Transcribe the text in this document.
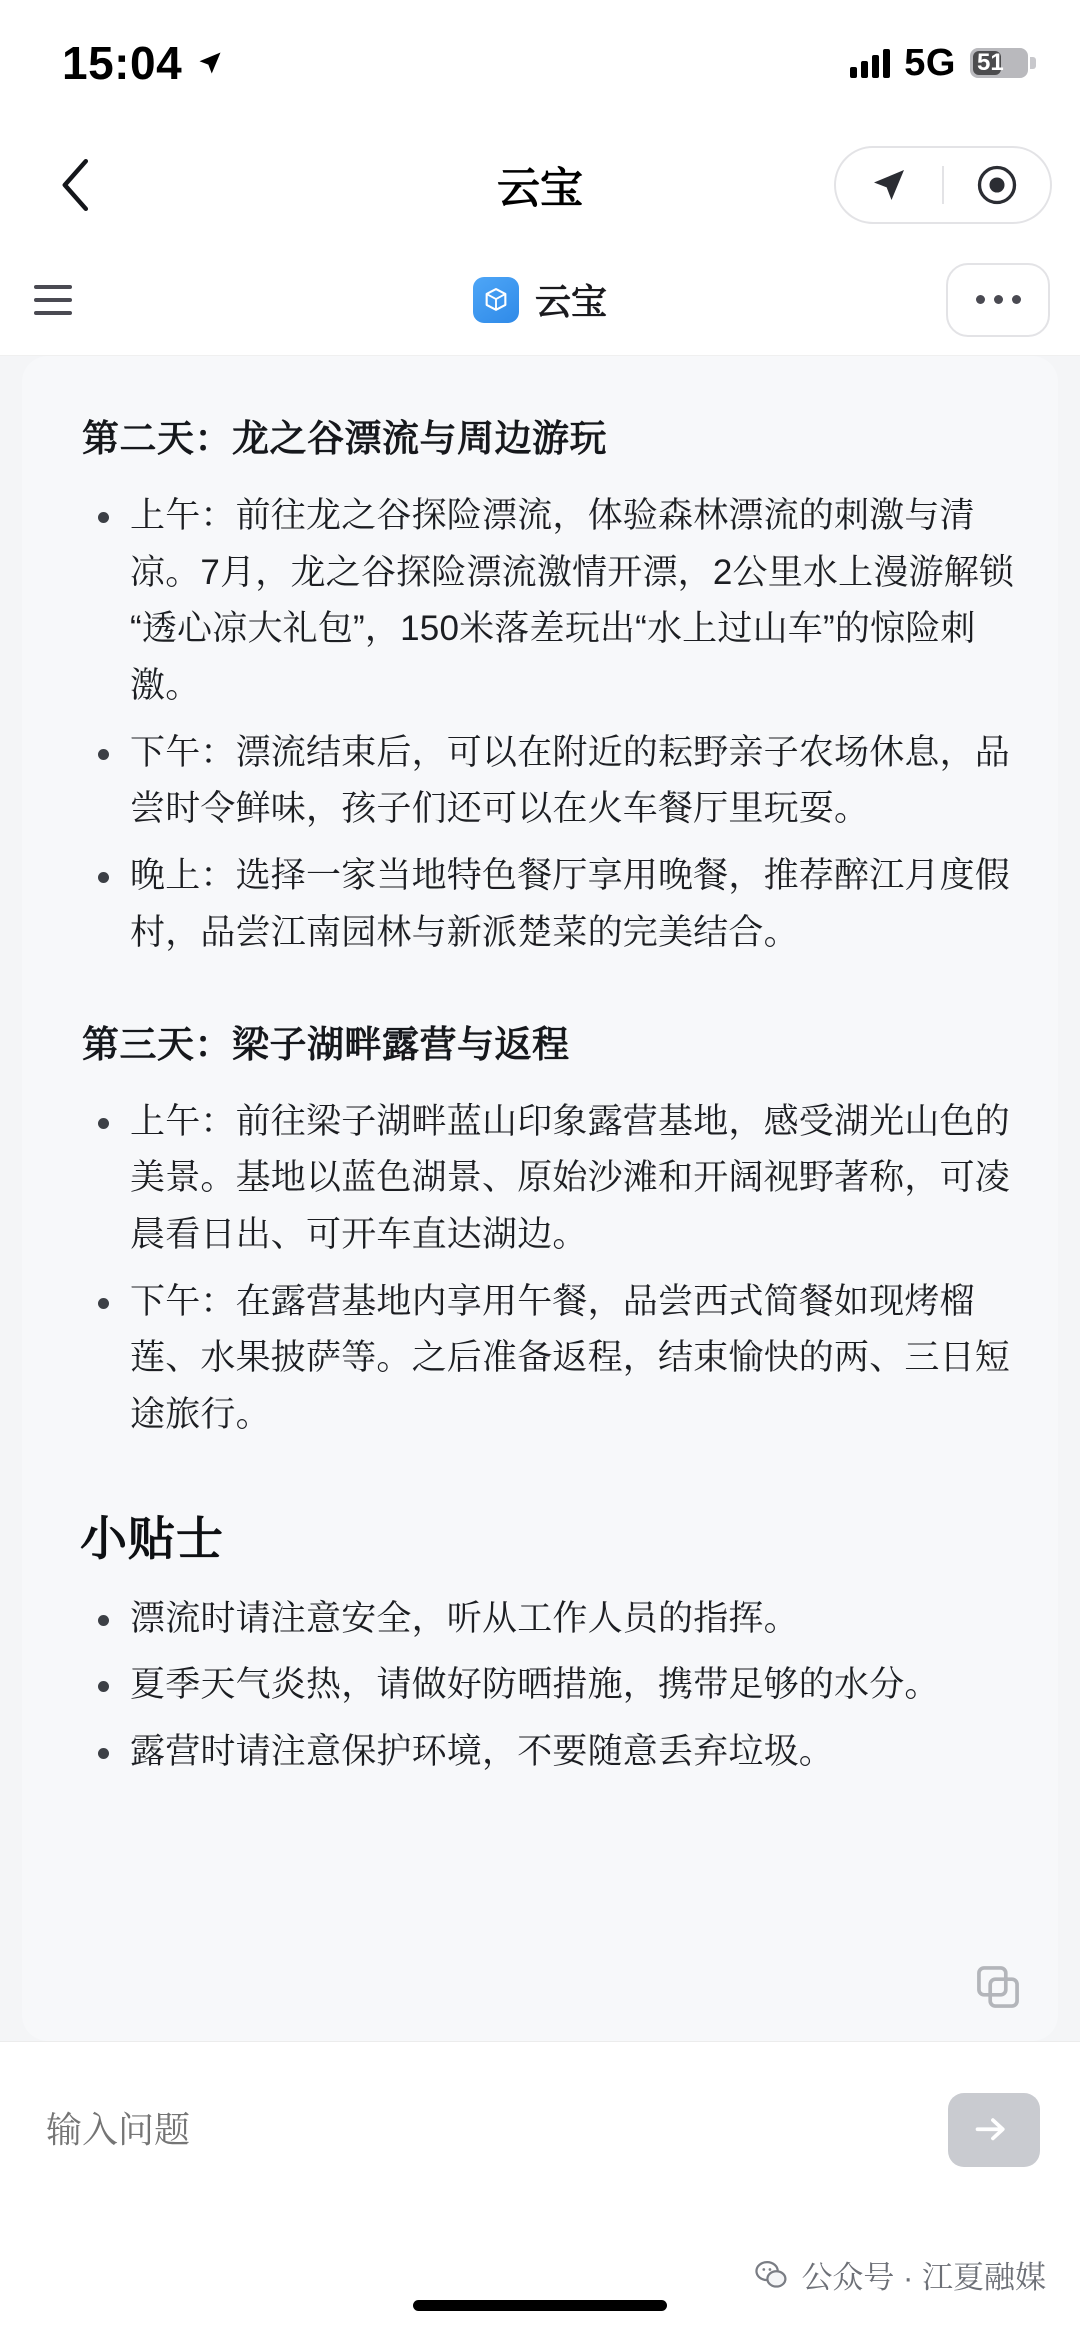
15:04	5G 51
云宝
云宝
第二天：龙之谷漂流与周边游玩
上午：前往龙之谷探险漂流，体验森林漂流的刺激与清凉。7月，龙之谷探险漂流激情开漂，2公里水上漫游解锁“透心凉大礼包”，150米落差玩出“水上过山车”的惊险刺激。
下午：漂流结束后，可以在附近的耘野亲子农场休息，品尝时令鲜味，孩子们还可以在火车餐厅里玩耍。
晚上：选择一家当地特色餐厅享用晚餐，推荐醉江月度假村，品尝江南园林与新派楚菜的完美结合。
第三天：梁子湖畔露营与返程
上午：前往梁子湖畔蓝山印象露营基地，感受湖光山色的美景。基地以蓝色湖景、原始沙滩和开阔视野著称，可凌晨看日出、可开车直达湖边。
下午：在露营基地内享用午餐，品尝西式简餐如现烤榴莲、水果披萨等。之后准备返程，结束愉快的两、三日短途旅行。
小贴士
漂流时请注意安全，听从工作人员的指挥。
夏季天气炎热，请做好防晒措施，携带足够的水分。
露营时请注意保护环境，不要随意丢弃垃圾。
输入问题
公众号 · 江夏融媒
